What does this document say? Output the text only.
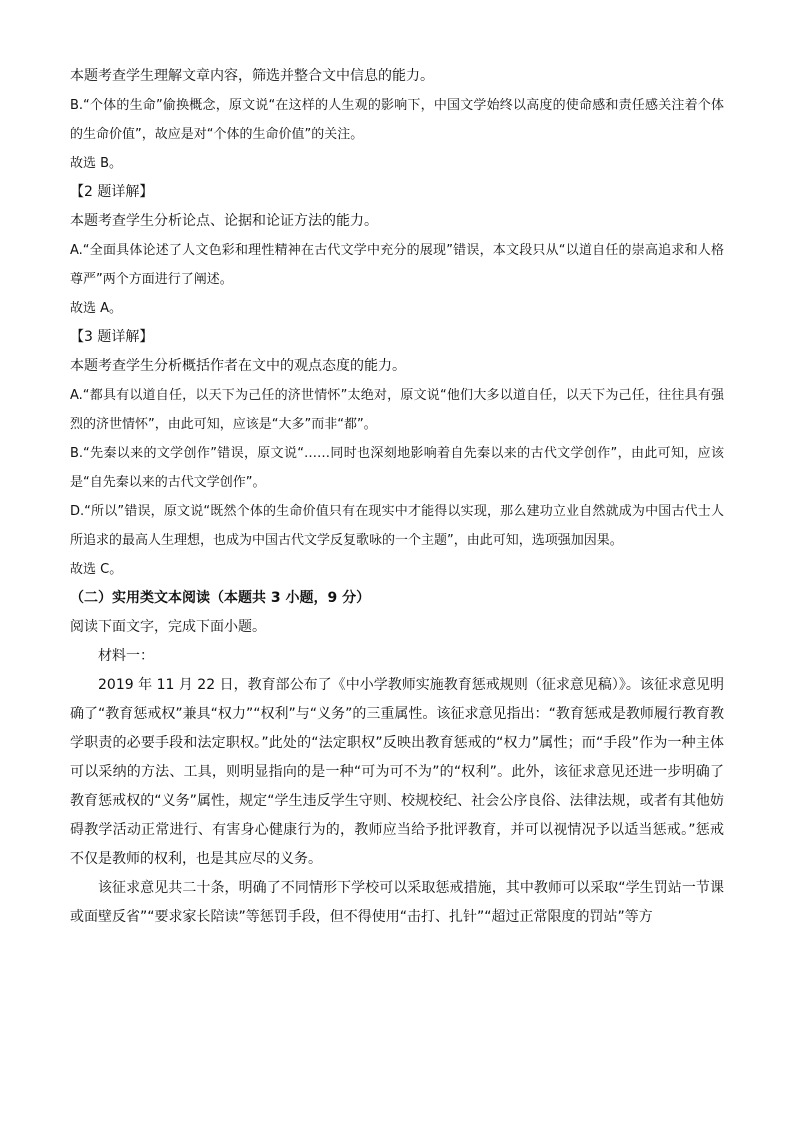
本题考查学生理解文章内容，筛选并整合文中信息的能力。

B.“个体的生命”偷换概念，原文说“在这样的人生观的影响下，中国文学始终以高度的使命感和责任感关注着个体的生命价值”，故应是对“个体的生命价值”的关注。

故选 B。

【2 题详解】

本题考查学生分析论点、论据和论证方法的能力。

A.“全面具体论述了人文色彩和理性精神在古代文学中充分的展现”错误，本文段只从“以道自任的崇高追求和人格尊严”两个方面进行了阐述。

故选 A。

【3 题详解】

本题考查学生分析概括作者在文中的观点态度的能力。

A.“都具有以道自任，以天下为己任的济世情怀”太绝对，原文说“他们大多以道自任，以天下为己任，往往具有强烈的济世情怀”，由此可知，应该是“大多”而非“都”。

B.“先秦以来的文学创作”错误，原文说“……同时也深刻地影响着自先秦以来的古代文学创作”，由此可知，应该是“自先秦以来的古代文学创作”。

D.“所以”错误，原文说“既然个体的生命价值只有在现实中才能得以实现，那么建功立业自然就成为中国古代士人所追求的最高人生理想，也成为中国古代文学反复歌咏的一个主题”，由此可知，选项强加因果。

故选 C。

（二）实用类文本阅读（本题共 3 小题，9 分）

阅读下面文字，完成下面小题。

材料一：

2019 年 11 月 22 日，教育部公布了《中小学教师实施教育惩戒规则（征求意见稿）》。该征求意见明确了“教育惩戒权”兼具“权力”“权利”与“义务”的三重属性。该征求意见指出：“教育惩戒是教师履行教育教学职责的必要手段和法定职权。”此处的“法定职权”反映出教育惩戒的“权力”属性；而“手段”作为一种主体可以采纳的方法、工具，则明显指向的是一种“可为可不为”的“权利”。此外，该征求意见还进一步明确了教育惩戒权的“义务”属性，规定“学生违反学生守则、校规校纪、社会公序良俗、法律法规，或者有其他妨碍教学活动正常进行、有害身心健康行为的，教师应当给予批评教育，并可以视情况予以适当惩戒。”惩戒不仅是教师的权利，也是其应尽的义务。

该征求意见共二十条，明确了不同情形下学校可以采取惩戒措施，其中教师可以采取“学生罚站一节课或面壁反省”“要求家长陪读”等惩罚手段，但不得使用“击打、扎针”“超过正常限度的罚站”等方
